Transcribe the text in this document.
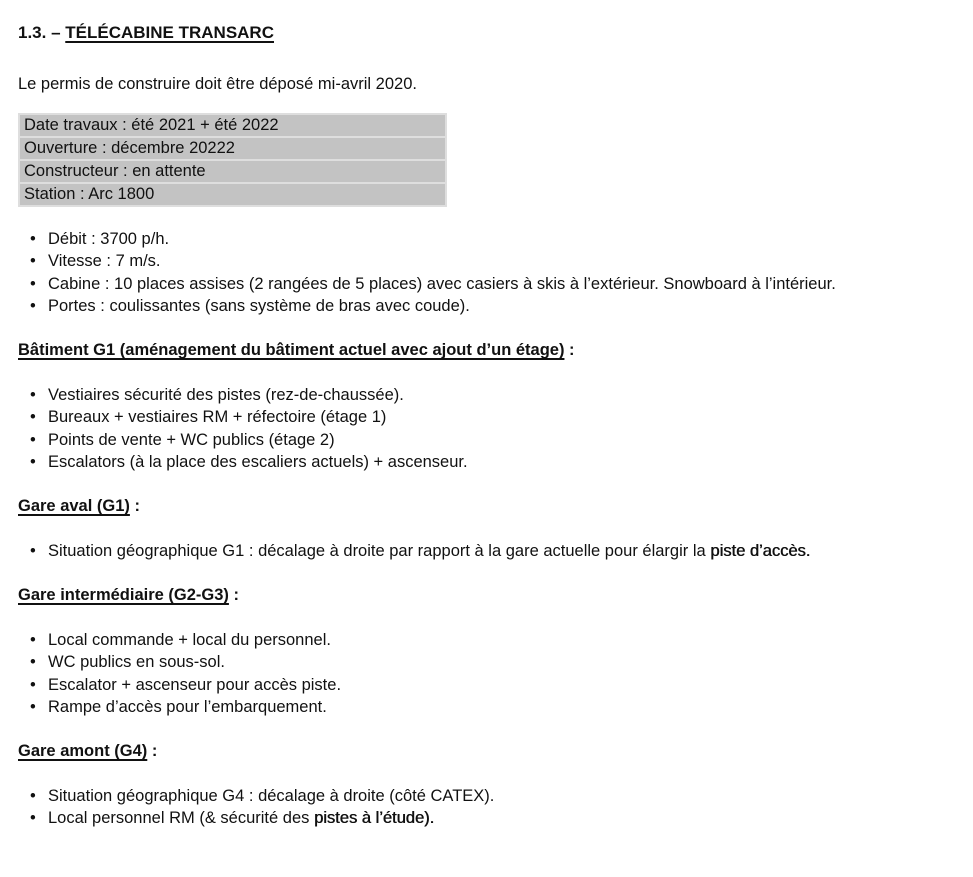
1.3. – TÉLÉCABINE TRANSARC

Le permis de construire doit être déposé mi-avril 2020.

Date travaux : été 2021 + été 2022
Ouverture : décembre 20222
Constructeur : en attente
Station : Arc 1800
• Débit : 3700 p/h.
• Vitesse : 7 m/s.
• Cabine : 10 places assises (2 rangées de 5 places) avec casiers à skis à l’extérieur. Snowboard à l’intérieur.
• Portes : coulissantes (sans système de bras avec coude).
Bâtiment G1 (aménagement du bâtiment actuel avec ajout d’un étage) :
• Vestiaires sécurité des pistes (rez-de-chaussée).
• Bureaux + vestiaires RM + réfectoire (étage 1)
• Points de vente + WC publics (étage 2)
• Escalators (à la place des escaliers actuels) + ascenseur.
Gare aval (G1) :
• Situation géographique G1 : décalage à droite par rapport à la gare actuelle pour élargir la piste d’accès.
Gare intermédiaire (G2-G3) :
• Local commande + local du personnel.
• WC publics en sous-sol.
• Escalator + ascenseur pour accès piste.
• Rampe d’accès pour l’embarquement.
Gare amont (G4) :
• Situation géographique G4 : décalage à droite (côté CATEX).
• Local personnel RM (& sécurité des pistes à l’étude).
